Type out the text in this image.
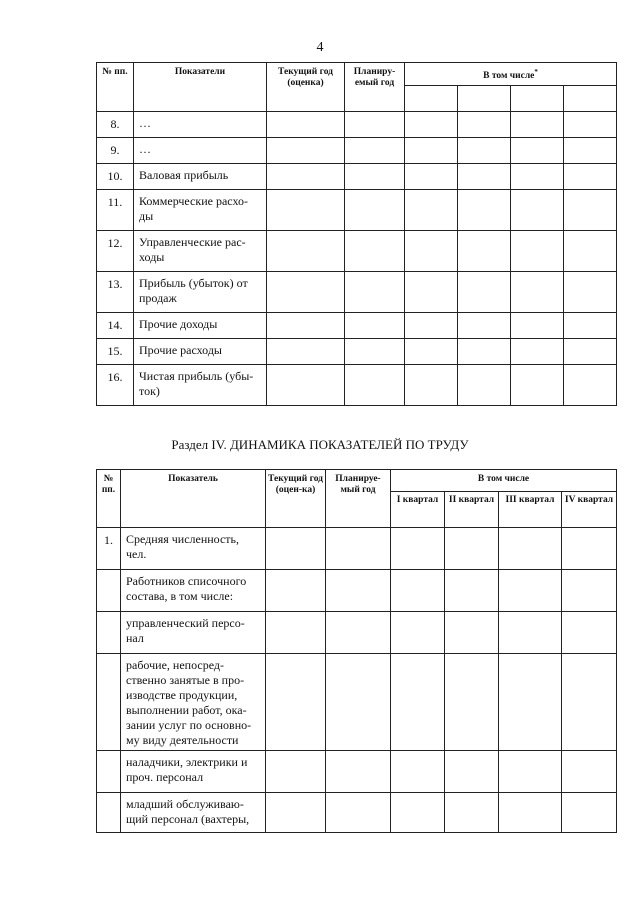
4
№ пп.	Показатели	Текущий год (оценка)	Планиру-емый год	В том числе*

8.	…						
9.	…						
10.	Валовая прибыль						
11.	Коммерческие расхо-ды						
12.	Управленческие рас-ходы						
13.	Прибыль (убыток) от продаж						
14.	Прочие доходы						
15.	Прочие расходы						
16.	Чистая прибыль (убы-ток)						
Раздел IV. ДИНАМИКА ПОКАЗАТЕЛЕЙ ПО ТРУДУ
№ пп.	Показатель	Текущий год (оцен-ка)	Планируе-мый год	В том числе			
				I квартал	II квартал	III квартал	IV квартал
1.	Средняя численность, чел.						
	Работников списочного состава, в том числе:						
	управленческий персо-нал						
	рабочие, непосред-ственно занятые в про-изводстве продукции, выполнении работ, ока-зании услуг по основно-му виду деятельности						
	наладчики, электрики и проч. персонал						
	младший обслуживаю-щий персонал (вахтеры,						
